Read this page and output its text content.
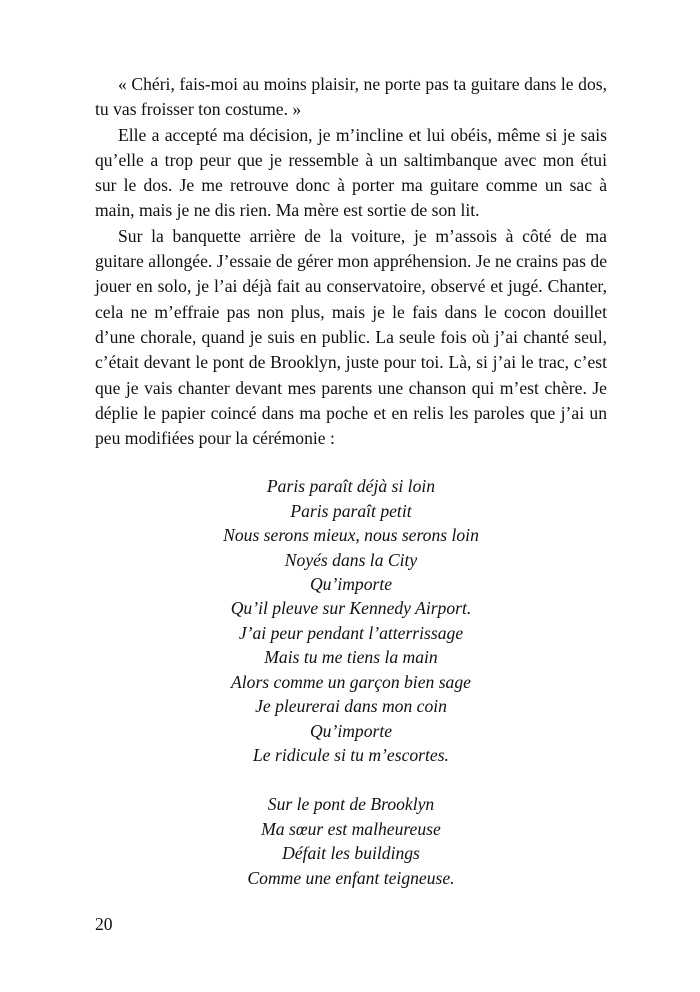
« Chéri, fais-moi au moins plaisir, ne porte pas ta guitare dans le dos, tu vas froisser ton costume. »

Elle a accepté ma décision, je m’incline et lui obéis, même si je sais qu’elle a trop peur que je ressemble à un saltimbanque avec mon étui sur le dos. Je me retrouve donc à porter ma guitare comme un sac à main, mais je ne dis rien. Ma mère est sortie de son lit.

Sur la banquette arrière de la voiture, je m’assois à côté de ma guitare allongée. J’essaie de gérer mon appréhension. Je ne crains pas de jouer en solo, je l’ai déjà fait au conservatoire, observé et jugé. Chanter, cela ne m’effraie pas non plus, mais je le fais dans le cocon douillet d’une chorale, quand je suis en public. La seule fois où j’ai chanté seul, c’était devant le pont de Brooklyn, juste pour toi. Là, si j’ai le trac, c’est que je vais chanter devant mes parents une chanson qui m’est chère. Je déplie le papier coincé dans ma poche et en relis les paroles que j’ai un peu modifiées pour la cérémonie :

Paris paraît déjà si loin
Paris paraît petit
Nous serons mieux, nous serons loin
Noyés dans la City
Qu’importe
Qu’il pleuve sur Kennedy Airport.
J’ai peur pendant l’atterrissage
Mais tu me tiens la main
Alors comme un garçon bien sage
Je pleurerai dans mon coin
Qu’importe
Le ridicule si tu m’escortes.
Sur le pont de Brooklyn
Ma sœur est malheureuse
Défait les buildings
Comme une enfant teigneuse.
20
